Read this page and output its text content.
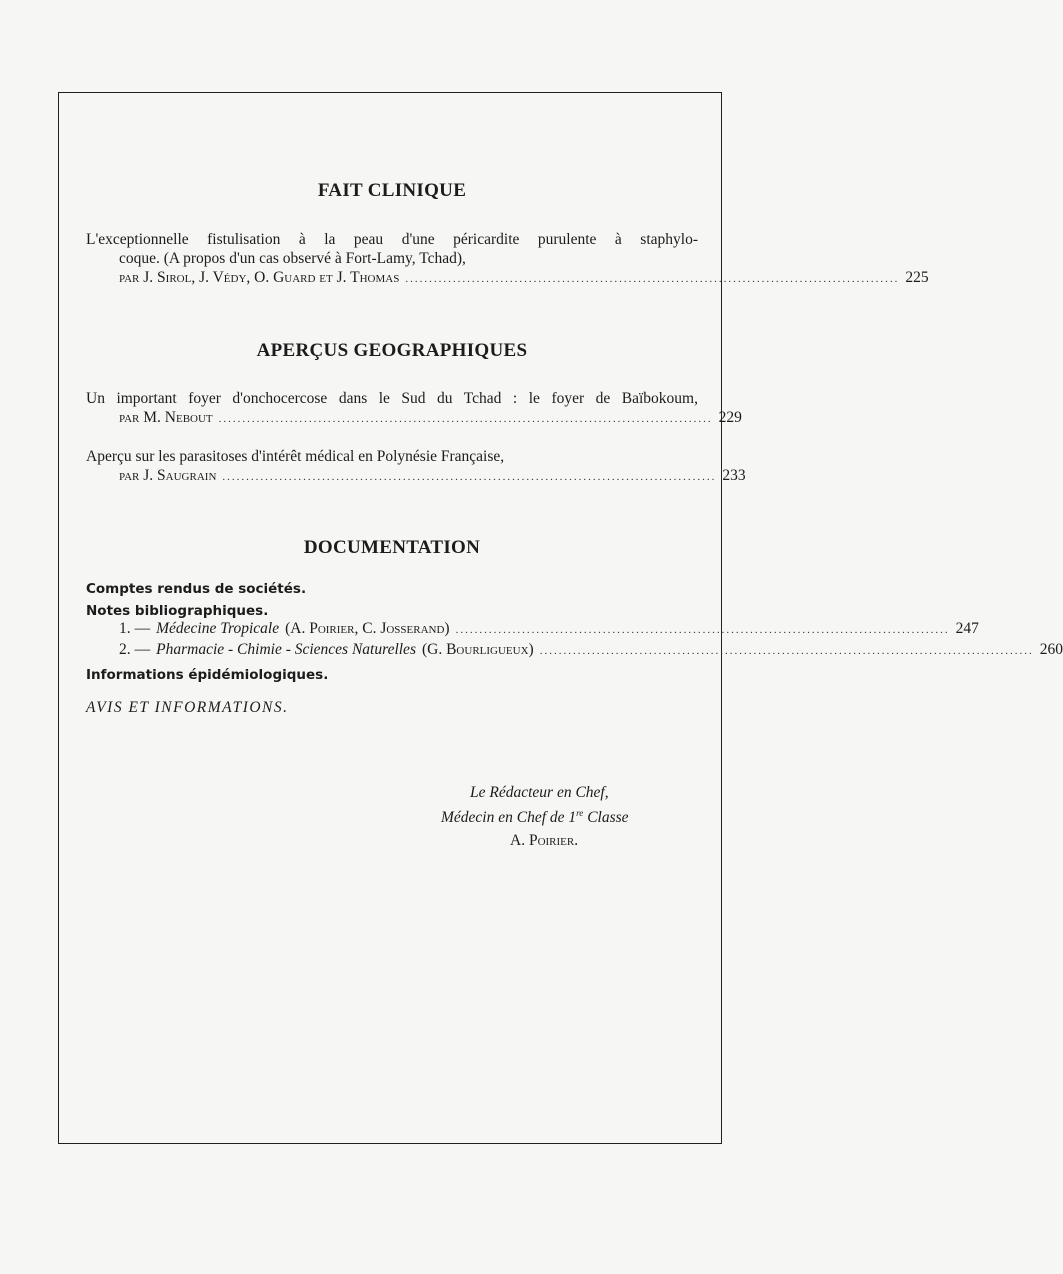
FAIT CLINIQUE
L'exceptionnelle fistulisation à la peau d'une péricardite purulente à staphylo-
coque. (A propos d'un cas observé à Fort-Lamy, Tchad),
par J. Sirol, J. Védy, O. Guard et J. Thomas ........................................................................................................ 225
APERÇUS GEOGRAPHIQUES
Un important foyer d'onchocercose dans le Sud du Tchad : le foyer de Baïbokoum,
par M. Nebout ........................................................................................................ 229
Aperçu sur les parasitoses d'intérêt médical en Polynésie Française,
par J. Saugrain ........................................................................................................ 233
DOCUMENTATION
Comptes rendus de sociétés.
Notes bibliographiques.
1. — Médecine Tropicale (A. Poirier, C. Josserand) ........................................................................................................ 247
2. — Pharmacie - Chimie - Sciences Naturelles (G. Bourligueux) ........................................................................................................ 260
Informations épidémiologiques.
AVIS ET INFORMATIONS.
Le Rédacteur en Chef,
Médecin en Chef de 1re Classe
A. Poirier.
